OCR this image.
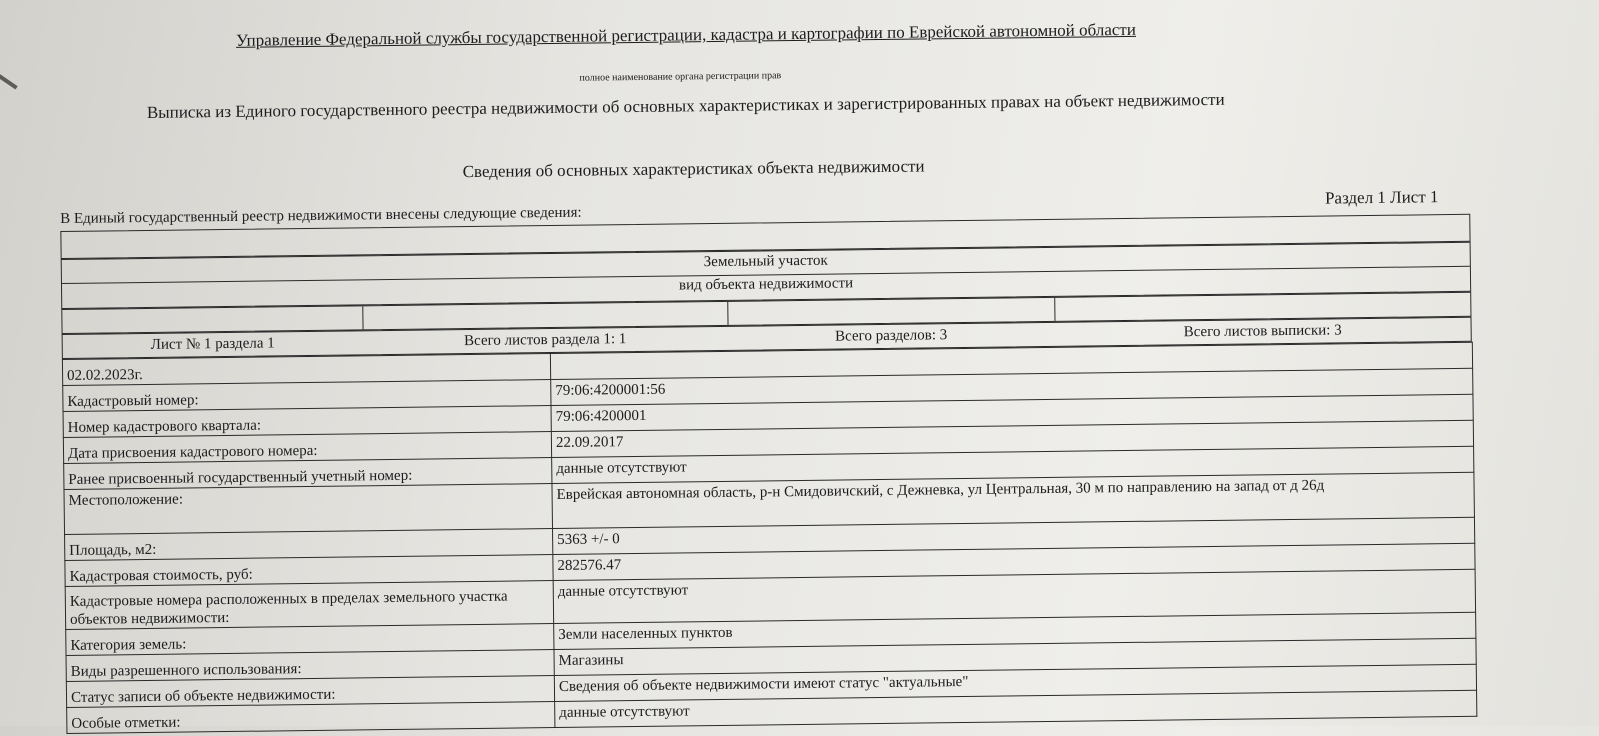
Управление Федеральной службы государственной регистрации, кадастра и картографии по Еврейской автономной области
полное наименование органа регистрации прав
Выписка из Единого государственного реестра недвижимости об основных характеристиках и зарегистрированных правах на объект недвижимости
Сведения об основных характеристиках объекта недвижимости
В Единый государственный реестр недвижимости внесены следующие сведения:
Раздел 1 Лист 1
Земельный участок
вид объекта недвижимости
Лист № 1 раздела 1	Всего листов раздела 1: 1	Всего разделов: 3	Всего листов выписки: 3
02.02.2023г.	
Кадастровый номер:	79:06:4200001:56
Номер кадастрового квартала:	79:06:4200001
Дата присвоения кадастрового номера:	22.09.2017
Ранее присвоенный государственный учетный номер:	данные отсутствуют
Местоположение:	Еврейская автономная область, р-н Смидовичский, с Дежневка, ул Центральная, 30 м по направлению на запад от д 26д
Площадь, м2:	5363 +/- 0
Кадастровая стоимость, руб:	282576.47
Кадастровые номера расположенных в пределах земельного участка объектов недвижимости:	данные отсутствуют
Категория земель:	Земли населенных пунктов
Виды разрешенного использования:	Магазины
Статус записи об объекте недвижимости:	Сведения об объекте недвижимости имеют статус "актуальные"
Особые отметки:	данные отсутствуют
